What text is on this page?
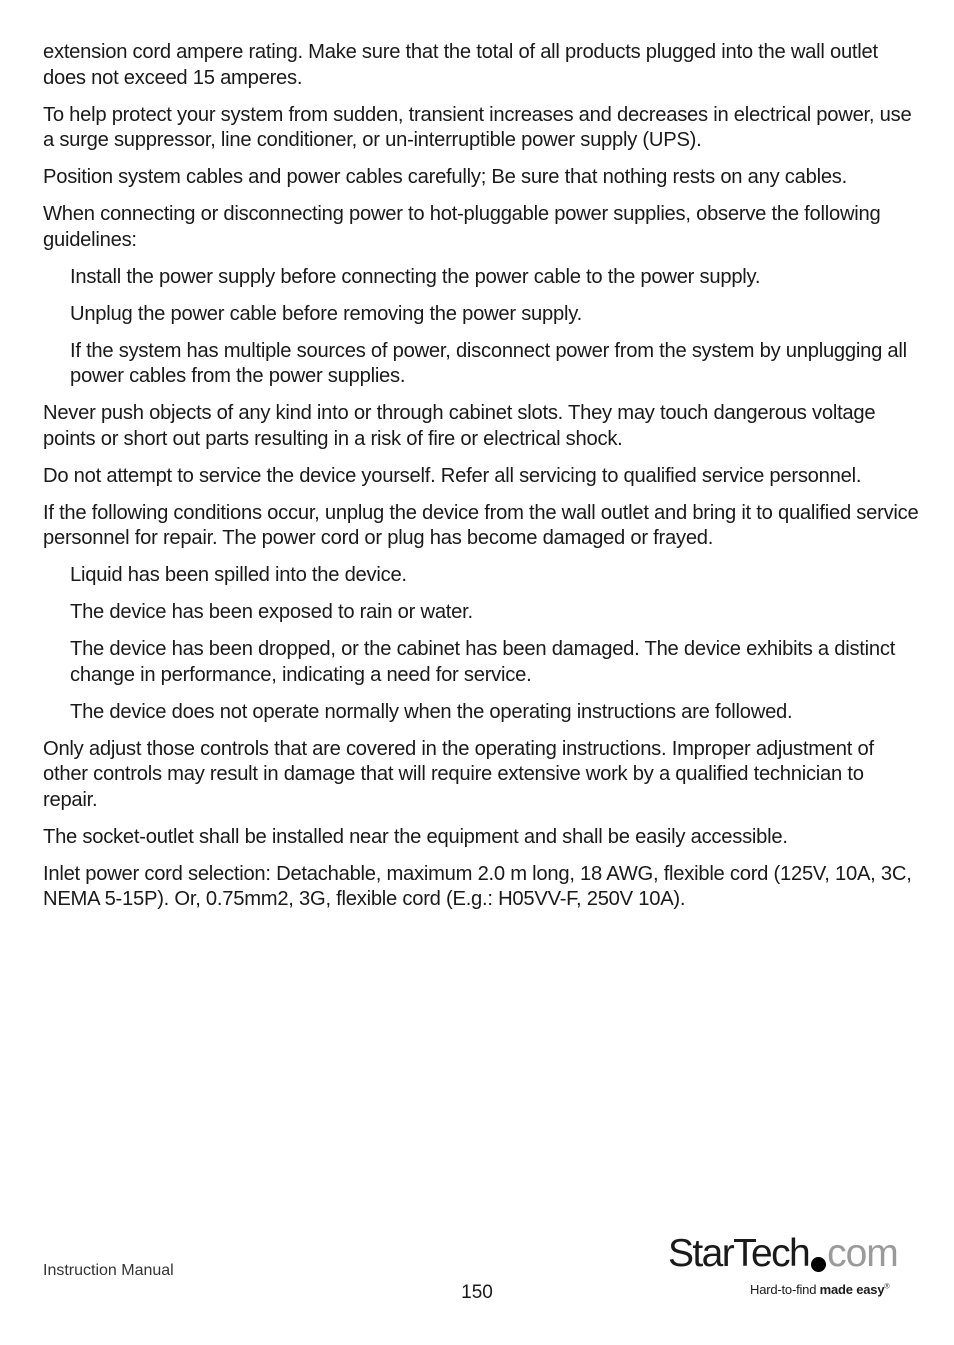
extension cord ampere rating. Make sure that the total of all products plugged into the wall outlet does not exceed 15 amperes.

To help protect your system from sudden, transient increases and decreases in electrical power, use a surge suppressor, line conditioner, or un-interruptible power supply (UPS).

Position system cables and power cables carefully; Be sure that nothing rests on any cables.

When connecting or disconnecting power to hot-pluggable power supplies, observe the following guidelines:

Install the power supply before connecting the power cable to the power supply.

Unplug the power cable before removing the power supply.

If the system has multiple sources of power, disconnect power from the system by unplugging all power cables from the power supplies.

Never push objects of any kind into or through cabinet slots. They may touch dangerous voltage points or short out parts resulting in a risk of fire or electrical shock.

Do not attempt to service the device yourself. Refer all servicing to qualified service personnel.

If the following conditions occur, unplug the device from the wall outlet and bring it to qualified service personnel for repair. The power cord or plug has become damaged or frayed.

Liquid has been spilled into the device.

The device has been exposed to rain or water.

The device has been dropped, or the cabinet has been damaged. The device exhibits a distinct change in performance, indicating a need for service.

The device does not operate normally when the operating instructions are followed.

Only adjust those controls that are covered in the operating instructions. Improper adjustment of other controls may result in damage that will require extensive work by a qualified technician to repair.

The socket-outlet shall be installed near the equipment and shall be easily accessible.

Inlet power cord selection: Detachable, maximum 2.0 m long, 18 AWG, flexible cord (125V, 10A, 3C, NEMA 5-15P). Or, 0.75mm2, 3G, flexible cord (E.g.: H05VV-F, 250V 10A).

Instruction Manual
150
StarTech com
Hard-to-find made easy®
